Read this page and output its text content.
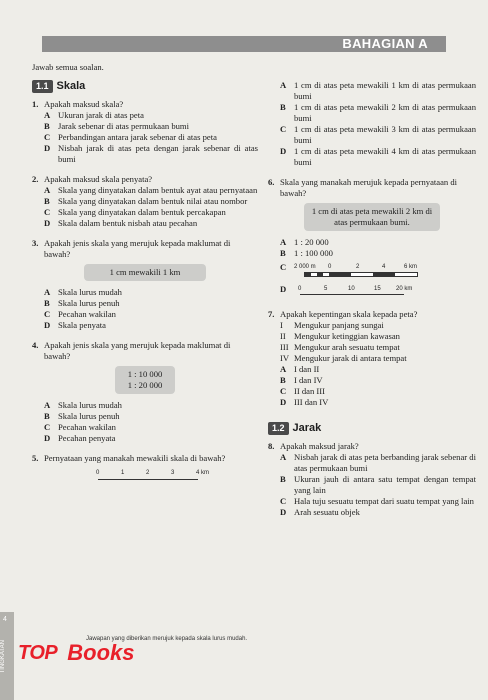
BAHAGIAN A
Jawab semua soalan.
1.1 Skala
1. Apakah maksud skala?
A Ukuran jarak di atas peta
B Jarak sebenar di atas permukaan bumi
C Perbandingan antara jarak sebenar di atas peta
D Nisbah jarak di atas peta dengan jarak sebenar di atas bumi
2. Apakah maksud skala penyata?
A Skala yang dinyatakan dalam bentuk ayat atau pernyataan
B Skala yang dinyatakan dalam bentuk nilai atau nombor
C Skala yang dinyatakan dalam bentuk percakapan
D Skala dalam bentuk nisbah atau pecahan
3. Apakah jenis skala yang merujuk kepada maklumat di bawah?
1 cm mewakili 1 km
A Skala lurus mudah
B Skala lurus penuh
C Pecahan wakilan
D Skala penyata
4. Apakah jenis skala yang merujuk kepada maklumat di bawah?
1 : 10 000
1 : 20 000
A Skala lurus mudah
B Skala lurus penuh
C Pecahan wakilan
D Pecahan penyata
5. Pernyataan yang manakah mewakili skala di bawah?
0	1	2	3	4 km
A 1 cm di atas peta mewakili 1 km di atas permukaan bumi
B 1 cm di atas peta mewakili 2 km di atas permukaan bumi
C 1 cm di atas peta mewakili 3 km di atas permukaan bumi
D 1 cm di atas peta mewakili 4 km di atas permukaan bumi
6. Skala yang manakah merujuk kepada pernyataan di bawah?
1 cm di atas peta mewakili 2 km di atas permukaan bumi.
A 1 : 20 000
B 1 : 100 000
C	2 000 m 0	2	4	6 km
D	0	5	10	15	20 km
7. Apakah kepentingan skala kepada peta?
I	Mengukur panjang sungai
II Mengukur ketinggian kawasan
III Mengukur arah sesuatu tempat
IV Mengukur jarak di antara tempat
A I dan II
B I dan IV
C II dan III
D III dan IV
1.2 Jarak
8. Apakah maksud jarak?
A Nisbah jarak di atas peta berbanding jarak sebenar di atas permukaan bumi
B Ukuran jauh di antara satu tempat dengan tempat yang lain
C Hala tuju sesuatu tempat dari suatu tempat yang lain
D Arah sesuatu objek
4
TINGKATAN
Jawapan yang diberikan merujuk kepada skala lurus mudah.
TOP Books
